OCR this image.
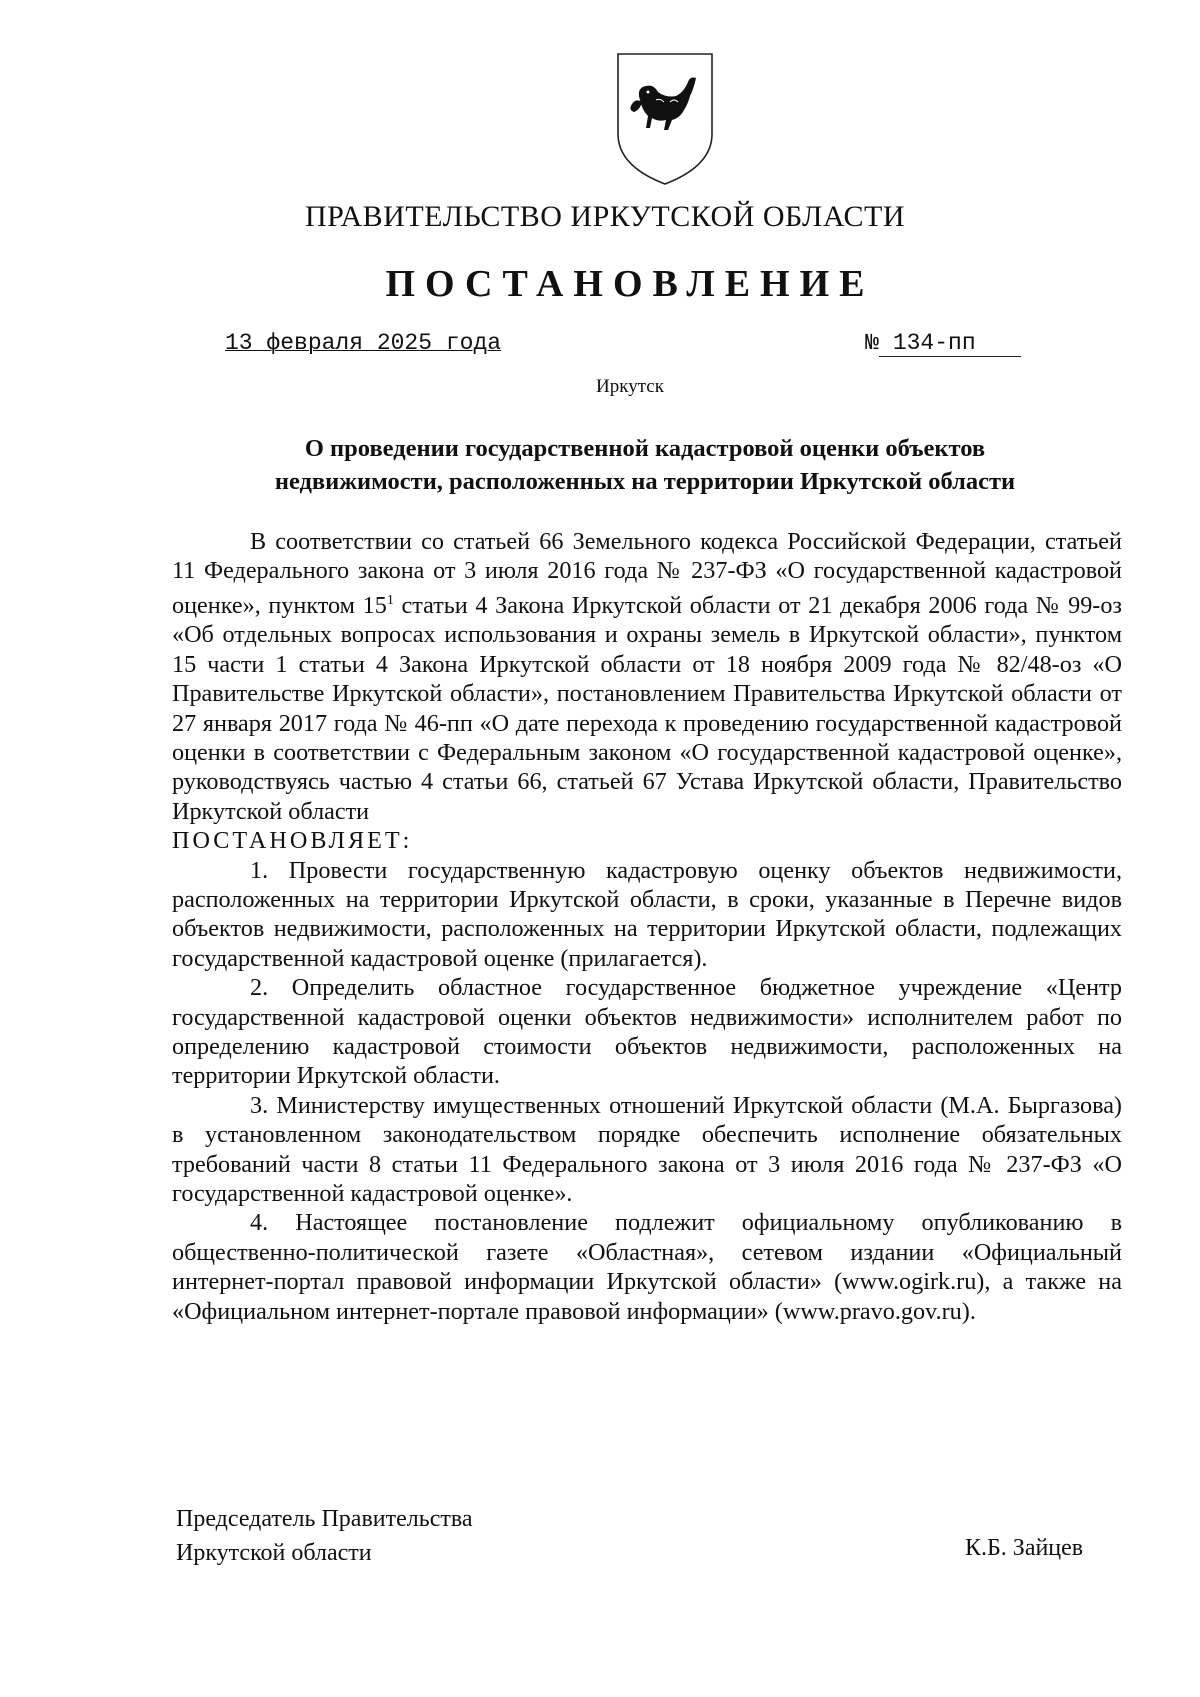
ПРАВИТЕЛЬСТВО ИРКУТСКОЙ ОБЛАСТИ
ПОСТАНОВЛЕНИЕ
13 февраля 2025 года	№ 134-пп
Иркутск
О проведении государственной кадастровой оценки объектов
недвижимости, расположенных на территории Иркутской области

В соответствии со статьей 66 Земельного кодекса Российской Федерации, статьей 11 Федерального закона от 3 июля 2016 года № 237-ФЗ «О государственной кадастровой оценке», пунктом $15^1$ статьи 4 Закона Иркутской области от 21 декабря 2006 года № 99-оз «Об отдельных вопросах использования и охраны земель в Иркутской области», пунктом 15 части 1 статьи 4 Закона Иркутской области от 18 ноября 2009 года № 82/48-оз «О Правительстве Иркутской области», постановлением Правительства Иркутской области от 27 января 2017 года № 46-пп «О дате перехода к проведению государственной кадастровой оценки в соответствии с Федеральным законом «О государственной кадастровой оценке», руководствуясь частью 4 статьи 66, статьей 67 Устава Иркутской области, Правительство Иркутской области

ПОСТАНОВЛЯЕТ:

1. Провести государственную кадастровую оценку объектов недвижимости, расположенных на территории Иркутской области, в сроки, указанные в Перечне видов объектов недвижимости, расположенных на территории Иркутской области, подлежащих государственной кадастровой оценке (прилагается).

2. Определить областное государственное бюджетное учреждение «Центр государственной кадастровой оценки объектов недвижимости» исполнителем работ по определению кадастровой стоимости объектов недвижимости, расположенных на территории Иркутской области.

3. Министерству имущественных отношений Иркутской области (М.А. Быргазова) в установленном законодательством порядке обеспечить исполнение обязательных требований части 8 статьи 11 Федерального закона от 3 июля 2016 года № 237-ФЗ «О государственной кадастровой оценке».

4. Настоящее постановление подлежит официальному опубликованию в общественно-политической газете «Областная», сетевом издании «Официальный интернет-портал правовой информации Иркутской области» (www.ogirk.ru), а также на «Официальном интернет-портале правовой информации» (www.pravo.gov.ru).

Председатель Правительства
Иркутской области	К.Б. Зайцев
